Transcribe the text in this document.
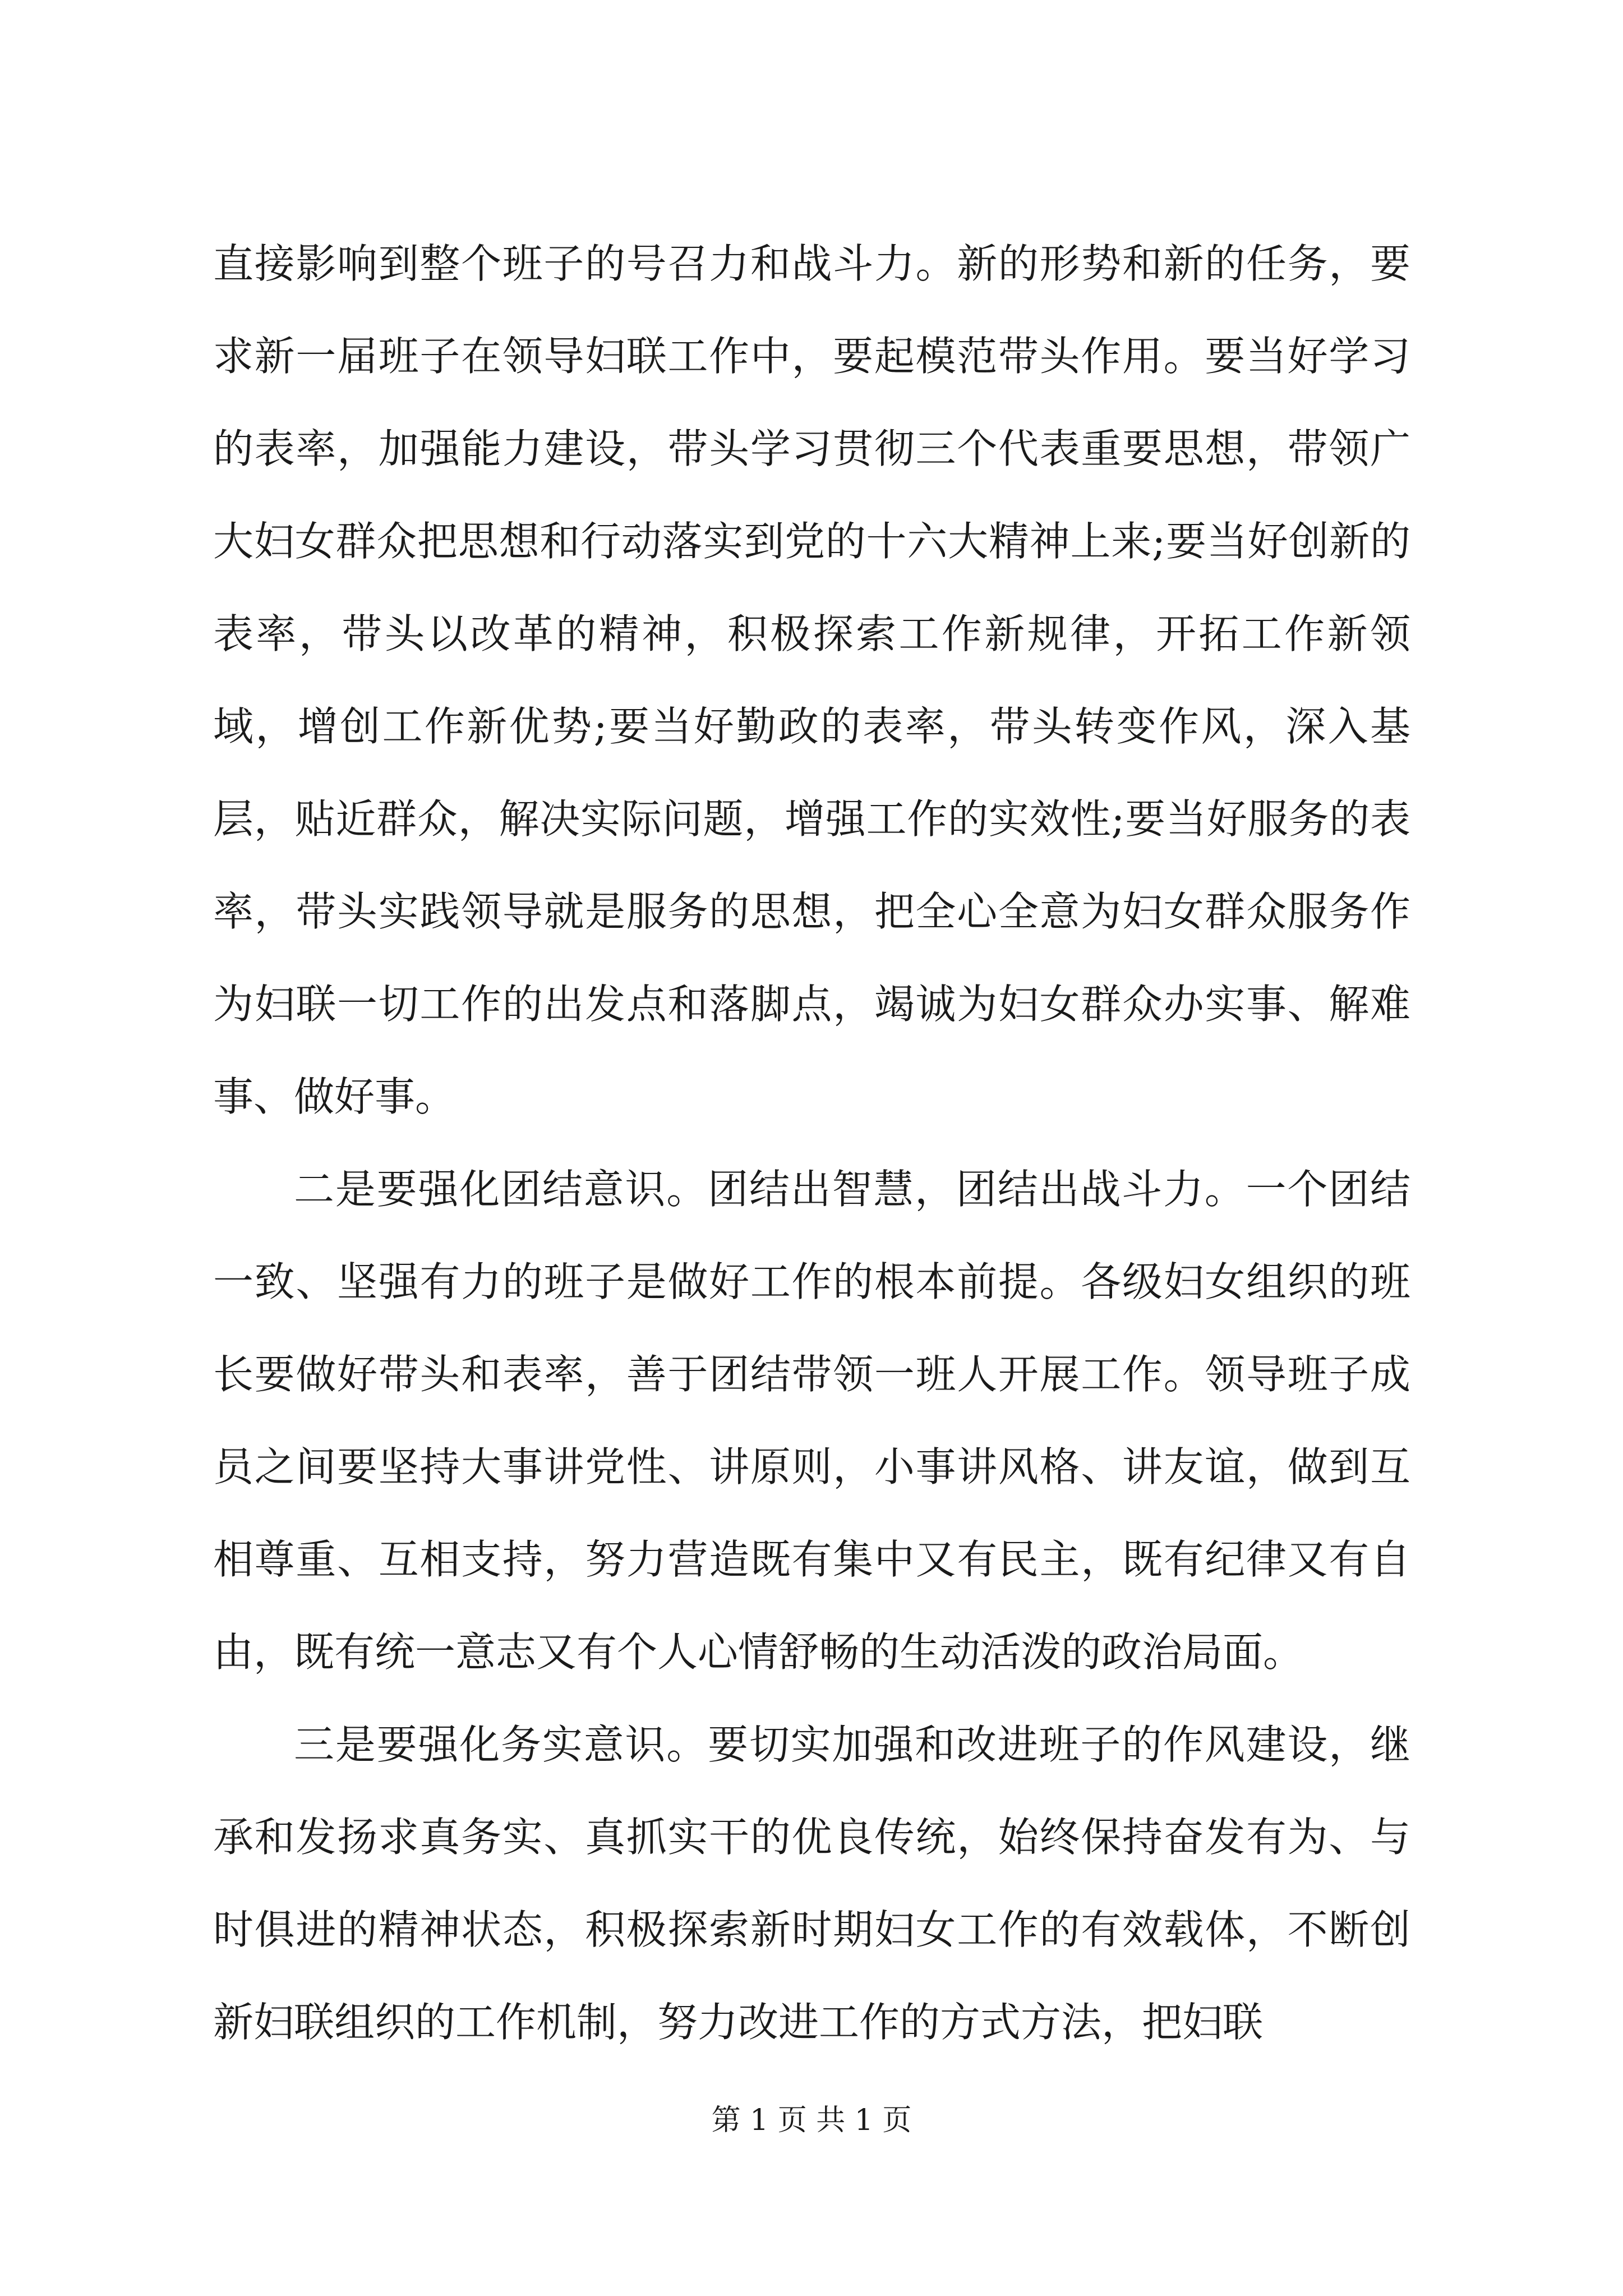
直接影响到整个班子的号召力和战斗力。新的形势和新的任务，要求新一届班子在领导妇联工作中，要起模范带头作用。要当好学习的表率，加强能力建设，带头学习贯彻三个代表重要思想，带领广大妇女群众把思想和行动落实到党的十六大精神上来;要当好创新的表率，带头以改革的精神，积极探索工作新规律，开拓工作新领域，增创工作新优势;要当好勤政的表率，带头转变作风，深入基层，贴近群众，解决实际问题，增强工作的实效性;要当好服务的表率，带头实践领导就是服务的思想，把全心全意为妇女群众服务作为妇联一切工作的出发点和落脚点，竭诚为妇女群众办实事、解难事、做好事。

二是要强化团结意识。团结出智慧，团结出战斗力。一个团结一致、坚强有力的班子是做好工作的根本前提。各级妇女组织的班长要做好带头和表率，善于团结带领一班人开展工作。领导班子成员之间要坚持大事讲党性、讲原则，小事讲风格、讲友谊，做到互相尊重、互相支持，努力营造既有集中又有民主，既有纪律又有自由，既有统一意志又有个人心情舒畅的生动活泼的政治局面。

三是要强化务实意识。要切实加强和改进班子的作风建设，继承和发扬求真务实、真抓实干的优良传统，始终保持奋发有为、与时俱进的精神状态，积极探索新时期妇女工作的有效载体，不断创新妇联组织的工作机制，努力改进工作的方式方法，把妇联

第 1 页 共 1 页
